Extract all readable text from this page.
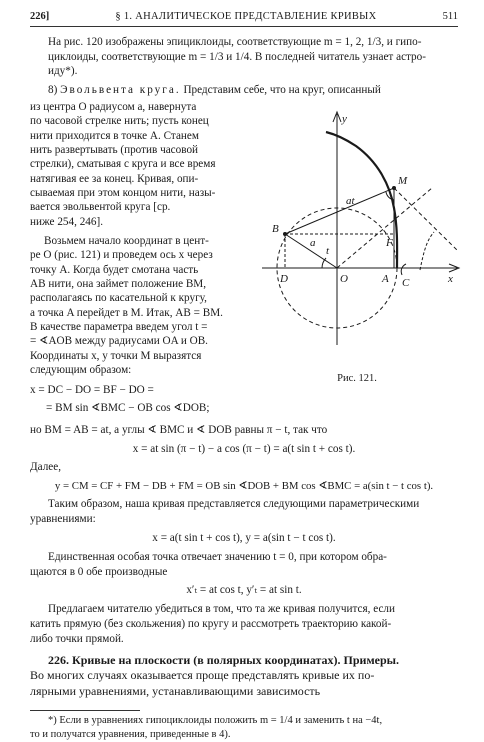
226]	§ 1. АНАЛИТИЧЕСКОЕ ПРЕДСТАВЛЕНИЕ КРИВЫХ	511

На рис. 120 изображены эпициклоиды, соответствующие m = 1, 2, 1/3, и гипо-
циклоиды, соответствующие m = 1/3 и 1/4. В последней читатель узнает астро-
иду*).

8) Эвольвента круга. Представим себе, что на круг, описанный

из центра O радиусом a, навернута
по часовой стрелке нить; пусть конец
нити приходится в точке A. Станем
нить развертывать (против часовой
стрелки), сматывая с круга и все время
натягивая ее за конец. Кривая, опи-
сываемая при этом концом нити, назы-
вается эвольвентой круга [ср.
ниже 254, 246].
Возьмем начало координат в цент-
ре O (рис. 121) и проведем ось x через
точку A. Когда будет смотана часть
AB нити, она займет положение BM,
располагаясь по касательной к кругу,
а точка A перейдет в M. Итак, AB = BM.
В качестве параметра введем угол t =
= ∢AOB между радиусами OA и OB.
Координаты x, y точки M выразятся
следующим образом:
x = DC − DO = BF − DO =
= BM sin ∢BMC − OB cos ∢DOB;
y
x
M
B
at
a
t
F
D	O	A C
Рис. 121.

но BM = AB = at, а углы ∢ BMC и ∢ DOB равны π − t, так что

x = at sin (π − t) − a cos (π − t) = a(t sin t + cos t).

Далее,

y = CM = CF + FM − DB + FM = OB sin ∢DOB + BM cos ∢BMC = a(sin t − t cos t).

Таким образом, наша кривая представляется следующими параметрическими
уравнениями:

x = a(t sin t + cos t), y = a(sin t − t cos t).

Единственная особая точка отвечает значению t = 0, при котором обра-
щаются в 0 обе производные

x′ₜ = at cos t, y′ₜ = at sin t.

Предлагаем читателю убедиться в том, что та же кривая получится, если
катить прямую (без скольжения) по кругу и рассмотреть траекторию какой-
либо точки прямой.

226. Кривые на плоскости (в полярных координатах). Примеры.

Во многих случаях оказывается проще представлять кривые их по-

лярными уравнениями, устанавливающими зависимость

*) Если в уравнениях гипоциклоиды положить m = 1/4 и заменить t на −4t,
то и получатся уравнения, приведенные в 4).
